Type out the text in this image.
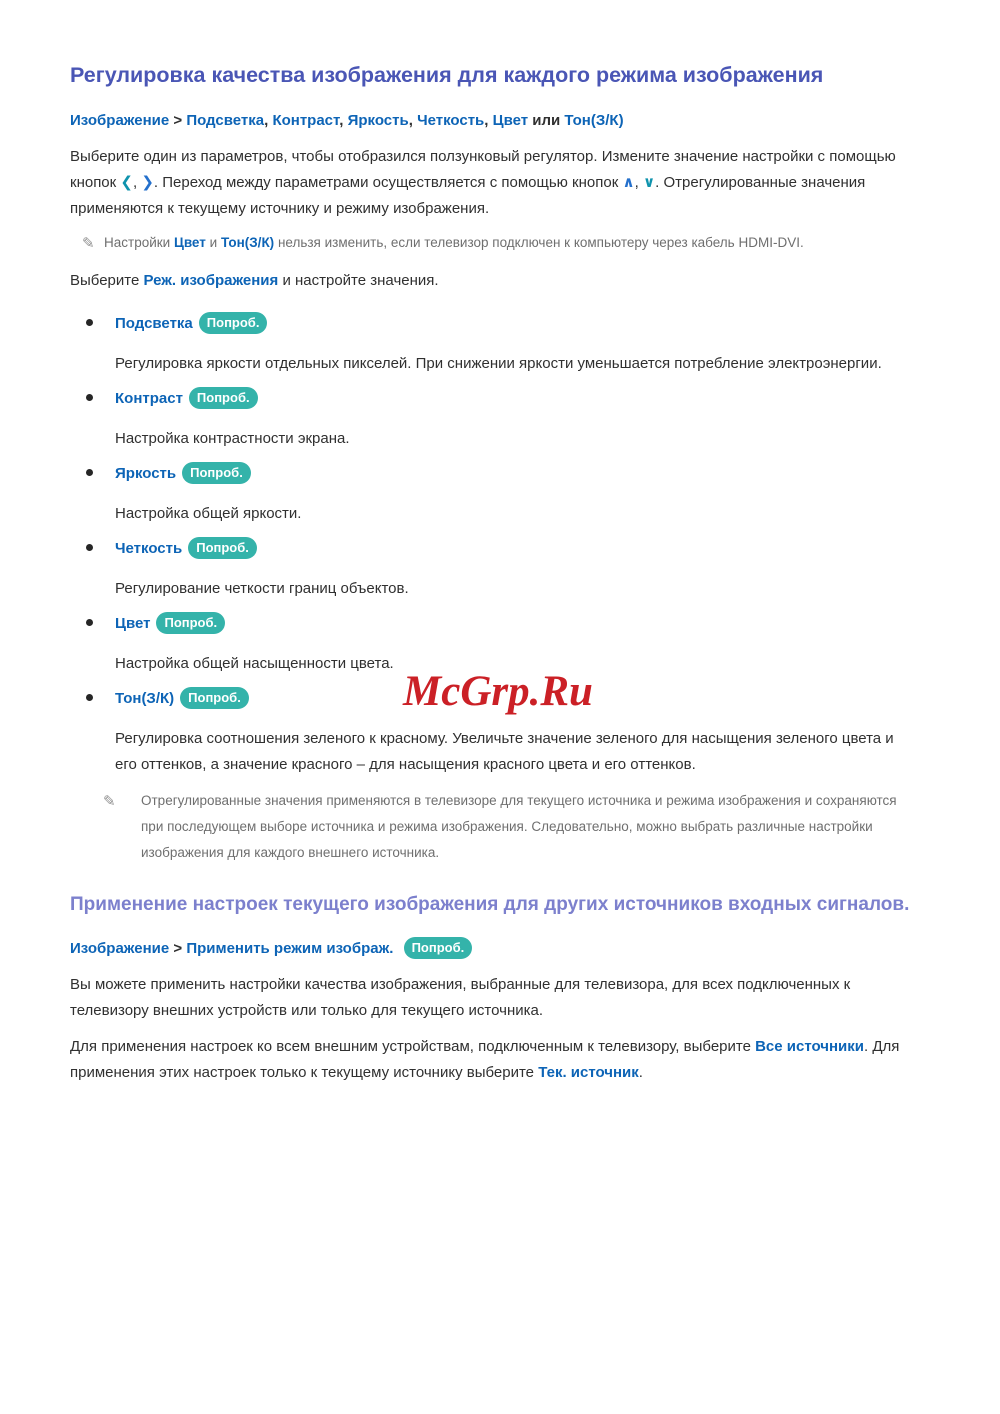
McGrp.Ru
Регулировка качества изображения для каждого режима изображения

Изображение > Подсветка, Контраст, Яркость, Четкость, Цвет или Тон(З/К)

Выберите один из параметров, чтобы отобразился ползунковый регулятор. Измените значение настройки с помощью кнопок ❮, ❯. Переход между параметрами осуществляется с помощью кнопок ∧, ∨. Отрегулированные значения применяются к текущему источнику и режиму изображения.

✎ Настройки Цвет и Тон(З/К) нельзя изменить, если телевизор подключен к компьютеру через кабель HDMI-DVI.

Выберите Реж. изображения и настройте значения.

Подсветка Попроб.

Регулировка яркости отдельных пикселей. При снижении яркости уменьшается потребление электроэнергии.

Контраст Попроб.

Настройка контрастности экрана.

Яркость Попроб.

Настройка общей яркости.

Четкость Попроб.

Регулирование четкости границ объектов.

Цвет Попроб.

Настройка общей насыщенности цвета.

Тон(З/К) Попроб.

Регулировка соотношения зеленого к красному. Увеличьте значение зеленого для насыщения зеленого цвета и его оттенков, а значение красного – для насыщения красного цвета и его оттенков.

✎	Отрегулированные значения применяются в телевизоре для текущего источника и режима изображения и сохраняются при последующем выборе источника и режима изображения. Следовательно, можно выбрать различные настройки изображения для каждого внешнего источника.

Применение настроек текущего изображения для других источников входных сигналов.

Изображение > Применить режим изображ. Попроб.

Вы можете применить настройки качества изображения, выбранные для телевизора, для всех подключенных к телевизору внешних устройств или только для текущего источника.

Для применения настроек ко всем внешним устройствам, подключенным к телевизору, выберите Все источники. Для применения этих настроек только к текущему источнику выберите Тек. источник.
